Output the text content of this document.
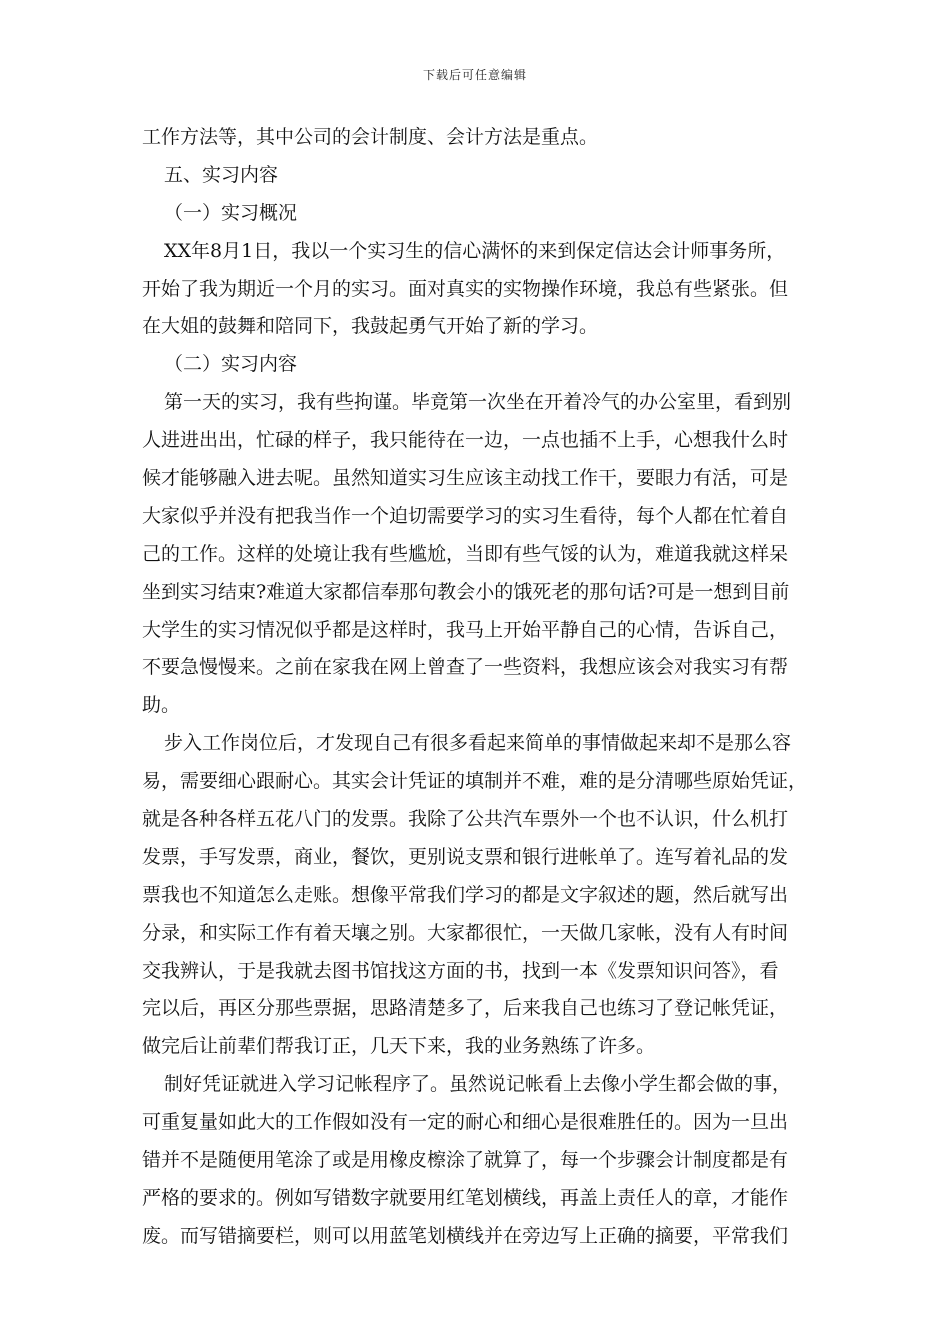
下载后可任意编辑
工作方法等，其中公司的会计制度、会计方法是重点。
五、实习内容
（一）实习概况
XX年8月1日，我以一个实习生的信心满怀的来到保定信达会计师事务所，
开始了我为期近一个月的实习。面对真实的实物操作环境，我总有些紧张。但
在大姐的鼓舞和陪同下，我鼓起勇气开始了新的学习。
（二）实习内容
第一天的实习，我有些拘谨。毕竟第一次坐在开着冷气的办公室里，看到别
人进进出出，忙碌的样子，我只能待在一边，一点也插不上手，心想我什么时
候才能够融入进去呢。虽然知道实习生应该主动找工作干，要眼力有活，可是
大家似乎并没有把我当作一个迫切需要学习的实习生看待，每个人都在忙着自
己的工作。这样的处境让我有些尴尬，当即有些气馁的认为，难道我就这样呆
坐到实习结束?难道大家都信奉那句教会小的饿死老的那句话?可是一想到目前
大学生的实习情况似乎都是这样时，我马上开始平静自己的心情，告诉自己，
不要急慢慢来。之前在家我在网上曾查了一些资料，我想应该会对我实习有帮
助。
步入工作岗位后，才发现自己有很多看起来简单的事情做起来却不是那么容
易，需要细心跟耐心。其实会计凭证的填制并不难，难的是分清哪些原始凭证，
就是各种各样五花八门的发票。我除了公共汽车票外一个也不认识，什么机打
发票，手写发票，商业，餐饮，更别说支票和银行进帐单了。连写着礼品的发
票我也不知道怎么走账。想像平常我们学习的都是文字叙述的题，然后就写出
分录，和实际工作有着天壤之别。大家都很忙，一天做几家帐，没有人有时间
交我辨认，于是我就去图书馆找这方面的书，找到一本《发票知识问答》，看
完以后，再区分那些票据，思路清楚多了，后来我自己也练习了登记帐凭证，
做完后让前辈们帮我订正，几天下来，我的业务熟练了许多。
制好凭证就进入学习记帐程序了。虽然说记帐看上去像小学生都会做的事，
可重复量如此大的工作假如没有一定的耐心和细心是很难胜任的。因为一旦出
错并不是随便用笔涂了或是用橡皮檫涂了就算了，每一个步骤会计制度都是有
严格的要求的。例如写错数字就要用红笔划横线，再盖上责任人的章，才能作
废。而写错摘要栏，则可以用蓝笔划横线并在旁边写上正确的摘要，平常我们
